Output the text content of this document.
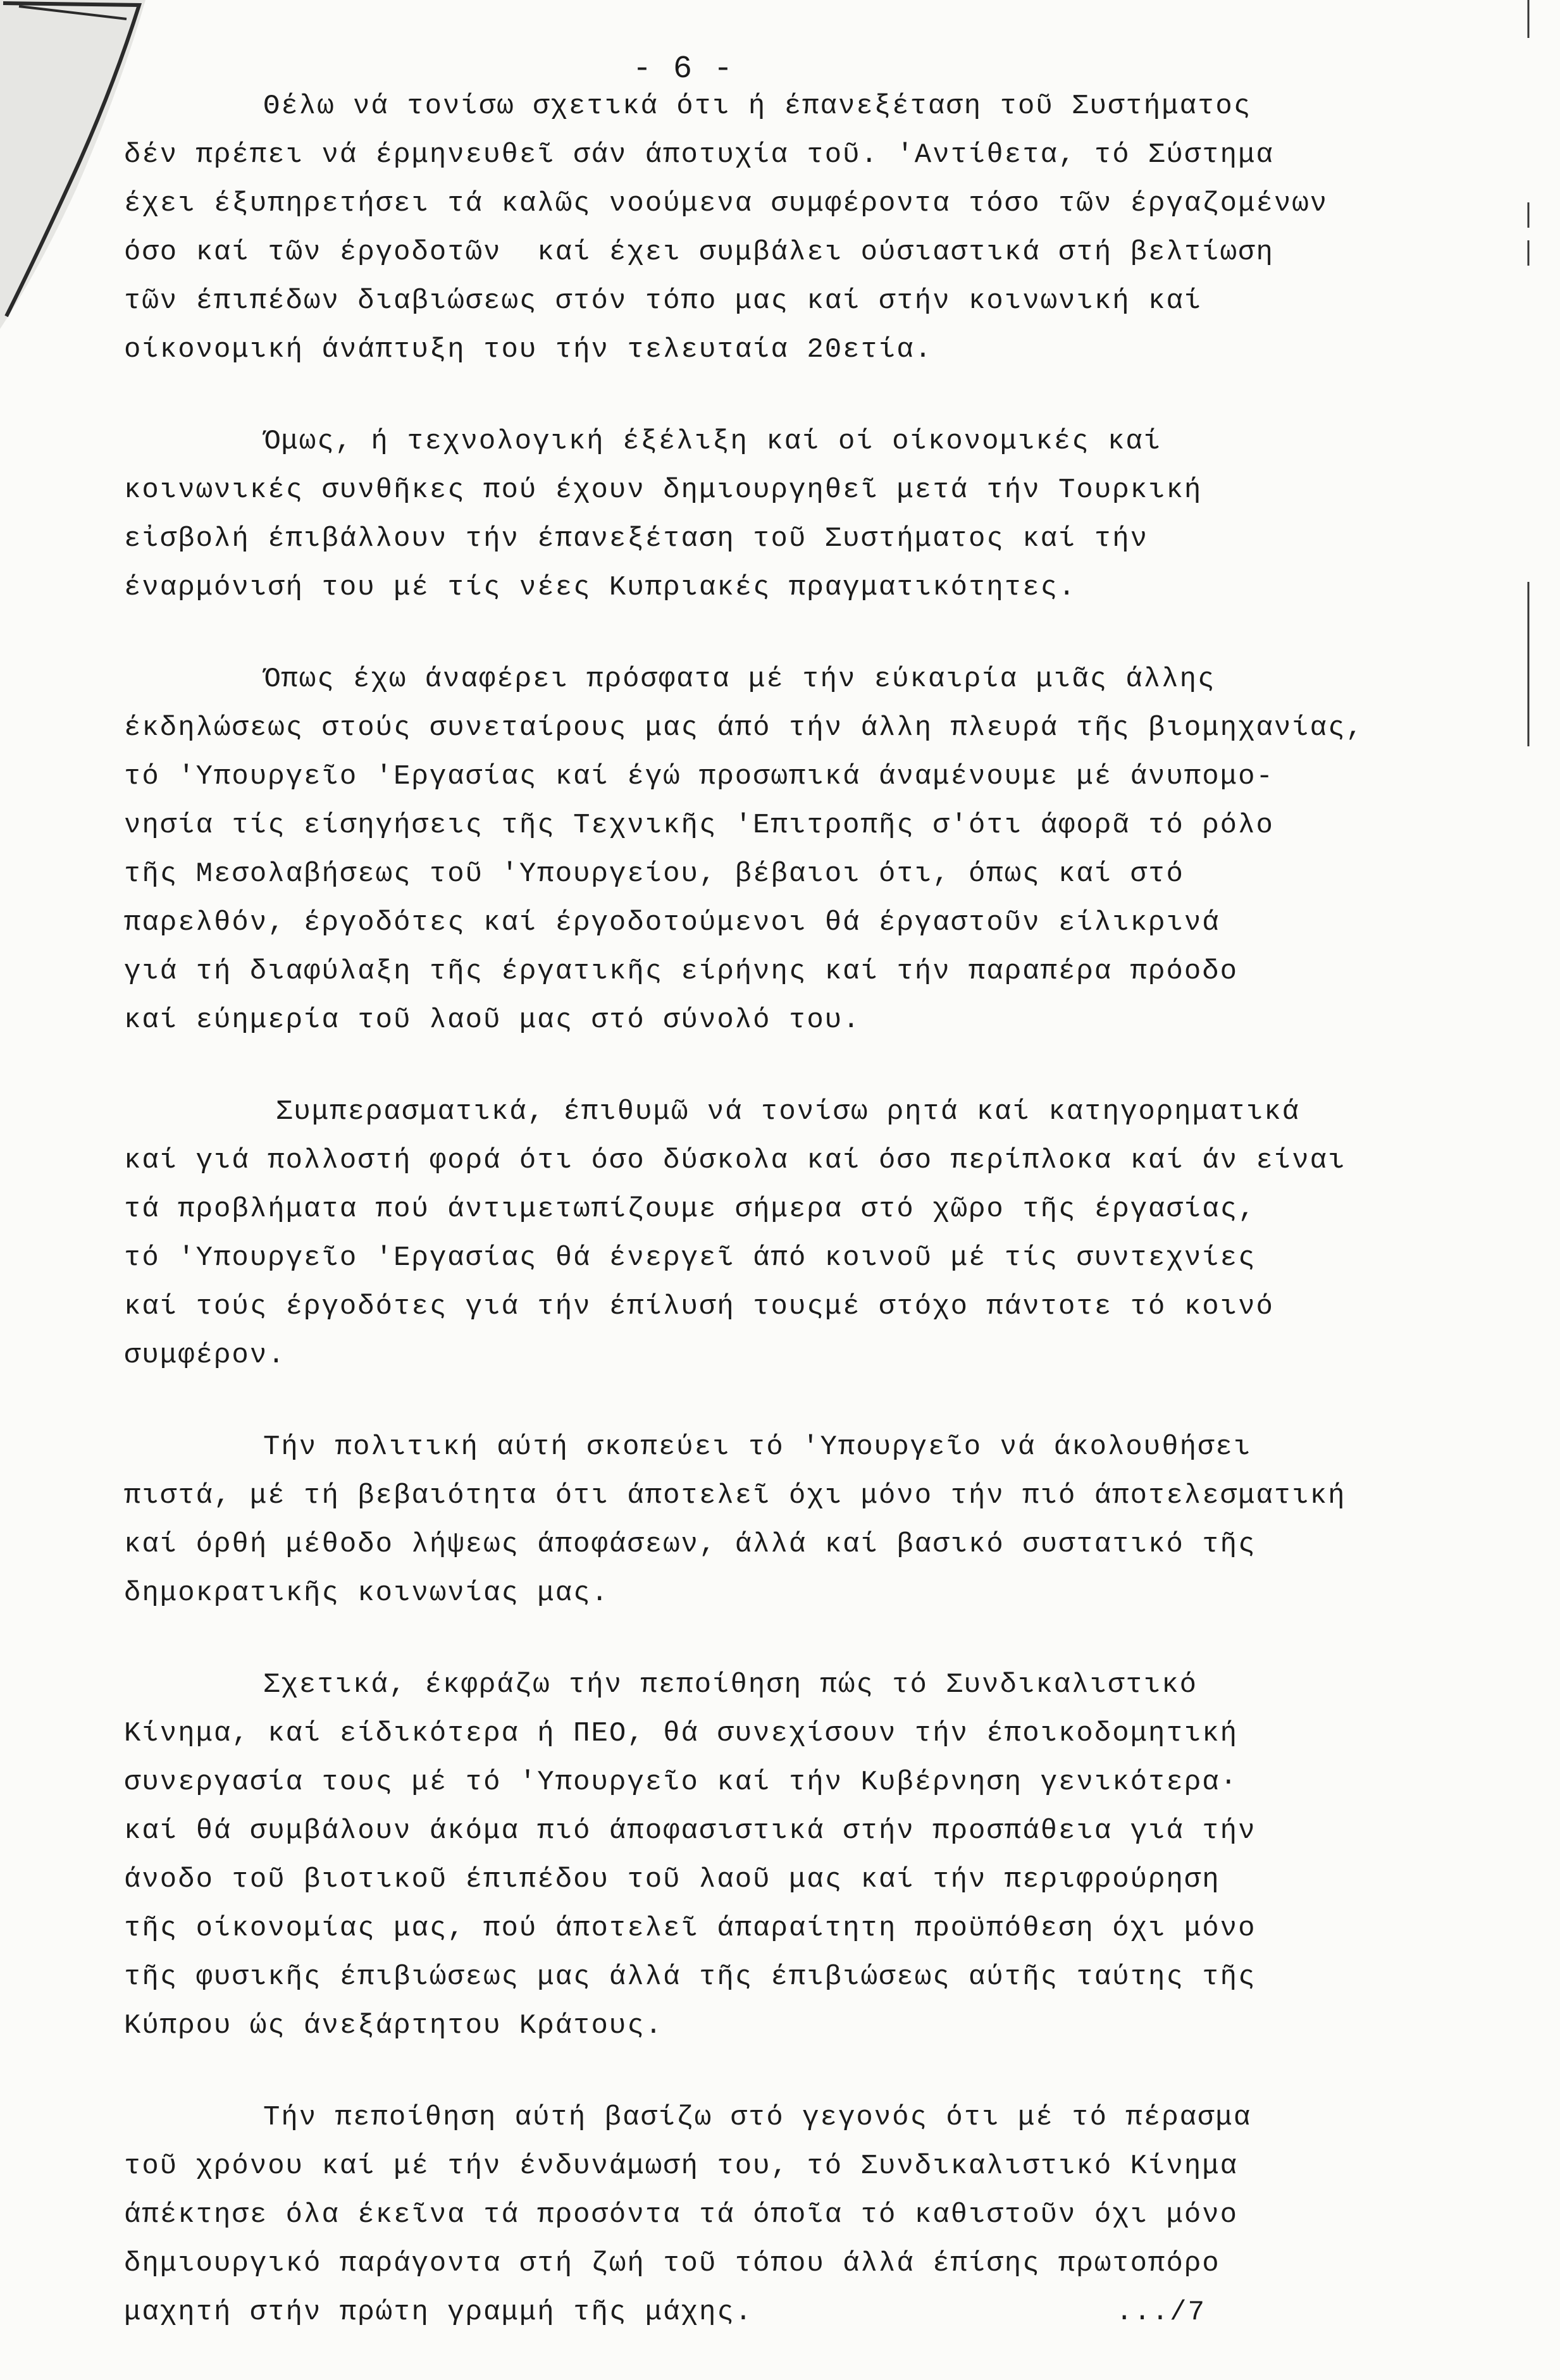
- 6 -
Θέλω νά τονίσω σχετικά ότι ή έπανεξέταση τοῦ Συστήματος
δέν πρέπει νά έρμηνευθεῖ σάν άποτυχία τοῦ. 'Αντίθετα, τό Σύστημα
έχει έξυπηρετήσει τά καλῶς νοούμενα συμφέροντα τόσο τῶν έργαζομένων
όσο καί τῶν έργοδοτῶν  καί έχει συμβάλει ούσιαστικά στή βελτίωση
τῶν έπιπέδων διαβιώσεως στόν τόπο μας καί στήν κοινωνική καί
οίκονομική άνάπτυξη του τήν τελευταία 20ετία.
Όμως, ή τεχνολογική έξέλιξη καί οί οίκονομικές καί
κοινωνικές συνθῆκες πού έχουν δημιουργηθεῖ μετά τήν Τουρκική
εἰσβολή έπιβάλλουν τήν έπανεξέταση τοῦ Συστήματος καί τήν
έναρμόνισή του μέ τίς νέες Κυπριακές πραγματικότητες.
Όπως έχω άναφέρει πρόσφατα μέ τήν εύκαιρία μιᾶς άλλης
έκδηλώσεως στούς συνεταίρους μας άπό τήν άλλη πλευρά τῆς βιομηχανίας,
τό 'Υπουργεῖο 'Εργασίας καί έγώ προσωπικά άναμένουμε μέ άνυπομο-
νησία τίς είσηγήσεις τῆς Τεχνικῆς 'Επιτροπῆς σ'ότι άφορᾶ τό ρόλο
τῆς Μεσολαβήσεως τοῦ 'Υπουργείου, βέβαιοι ότι, όπως καί στό
παρελθόν, έργοδότες καί έργοδοτούμενοι θά έργαστοῦν είλικρινά
γιά τή διαφύλαξη τῆς έργατικῆς είρήνης καί τήν παραπέρα πρόοδο
καί εύημερία τοῦ λαοῦ μας στό σύνολό του.
Συμπερασματικά, έπιθυμῶ νά τονίσω ρητά καί κατηγορηματικά
καί γιά πολλοστή φορά ότι όσο δύσκολα καί όσο περίπλοκα καί άν είναι
τά προβλήματα πού άντιμετωπίζουμε σήμερα στό χῶρο τῆς έργασίας,
τό 'Υπουργεῖο 'Εργασίας θά ένεργεῖ άπό κοινοῦ μέ τίς συντεχνίες
καί τούς έργοδότες γιά τήν έπίλυσή τουςμέ στόχο πάντοτε τό κοινό
συμφέρον.
Τήν πολιτική αύτή σκοπεύει τό 'Υπουργεῖο νά άκολουθήσει
πιστά, μέ τή βεβαιότητα ότι άποτελεῖ όχι μόνο τήν πιό άποτελεσματική
καί όρθή μέθοδο λήψεως άποφάσεων, άλλά καί βασικό συστατικό τῆς
δημοκρατικῆς κοινωνίας μας.
Σχετικά, έκφράζω τήν πεποίθηση πώς τό Συνδικαλιστικό
Κίνημα, καί είδικότερα ή ΠΕΟ, θά συνεχίσουν τήν έποικοδομητική
συνεργασία τους μέ τό 'Υπουργεῖο καί τήν Κυβέρνηση γενικότερα·
καί θά συμβάλουν άκόμα πιό άποφασιστικά στήν προσπάθεια γιά τήν
άνοδο τοῦ βιοτικοῦ έπιπέδου τοῦ λαοῦ μας καί τήν περιφρούρηση
τῆς οίκονομίας μας, πού άποτελεῖ άπαραίτητη προϋπόθεση όχι μόνο
τῆς φυσικῆς έπιβιώσεως μας άλλά τῆς έπιβιώσεως αύτῆς ταύτης τῆς
Κύπρου ώς άνεξάρτητου Κράτους.
Τήν πεποίθηση αύτή βασίζω στό γεγονός ότι μέ τό πέρασμα
τοῦ χρόνου καί μέ τήν ένδυνάμωσή του, τό Συνδικαλιστικό Κίνημα
άπέκτησε όλα έκεῖνα τά προσόντα τά όποῖα τό καθιστοῦν όχι μόνο
δημιουργικό παράγοντα στή ζωή τοῦ τόπου άλλά έπίσης πρωτοπόρο
μαχητή στήν πρώτη γραμμή τῆς μάχης.	.../7
